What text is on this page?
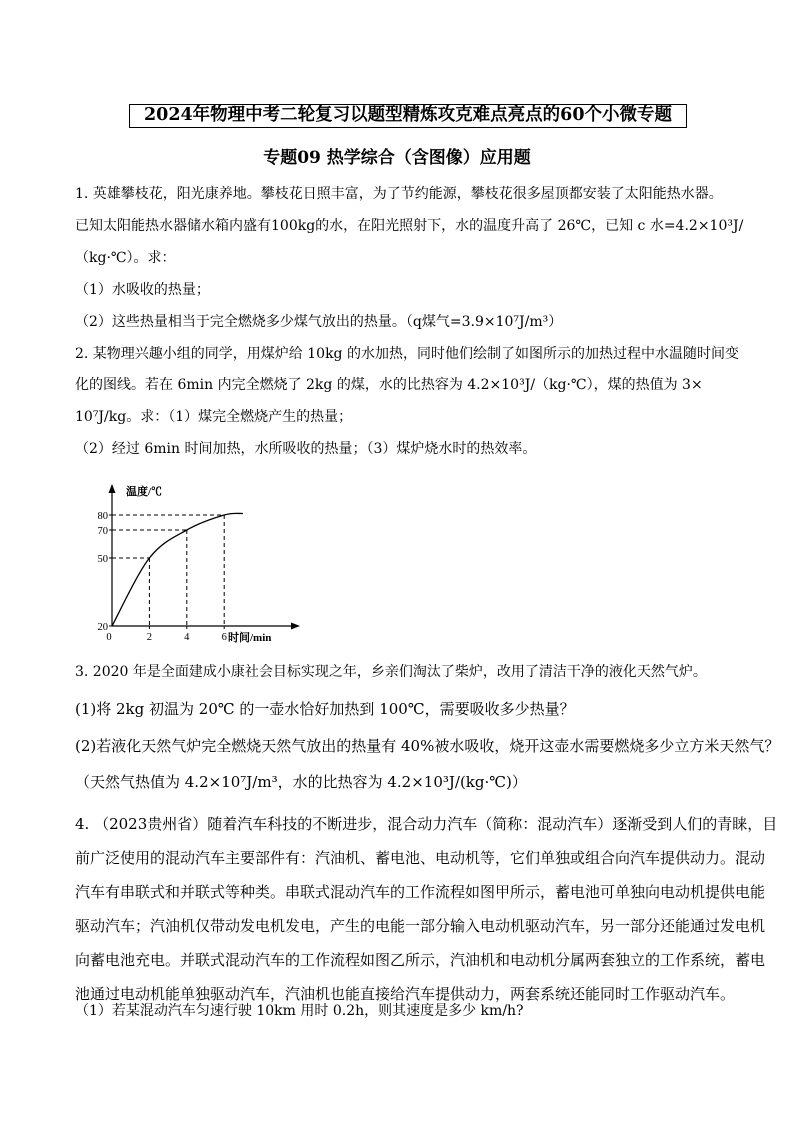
2024年物理中考二轮复习以题型精炼攻克难点亮点的60个小微专题
专题09 热学综合（含图像）应用题
1. 英雄攀枝花，阳光康养地。攀枝花日照丰富，为了节约能源，攀枝花很多屋顶都安装了太阳能热水器。
已知太阳能热水器储水箱内盛有100kg的水，在阳光照射下，水的温度升高了 26℃，已知 c 水=4.2×10³J/
（kg·℃）。求：
（1）水吸收的热量；
（2）这些热量相当于完全燃烧多少煤气放出的热量。（q煤气=3.9×10⁷J/m³）
2. 某物理兴趣小组的同学，用煤炉给 10kg 的水加热，同时他们绘制了如图所示的加热过程中水温随时间变
化的图线。若在 6min 内完全燃烧了 2kg 的煤，水的比热容为 4.2×10³J/（kg·℃），煤的热值为 3×
10⁷J/kg。求：（1）煤完全燃烧产生的热量；
（2）经过 6min 时间加热，水所吸收的热量；（3）煤炉烧水时的热效率。
温度/℃
时间/min
20
50
70
80
0	2	4	6
3. 2020 年是全面建成小康社会目标实现之年，乡亲们淘汰了柴炉，改用了清洁干净的液化天然气炉。
(1)将 2kg 初温为 20℃ 的一壶水恰好加热到 100℃，需要吸收多少热量？
(2)若液化天然气炉完全燃烧天然气放出的热量有 40%被水吸收，烧开这壶水需要燃烧多少立方米天然气？
（天然气热值为 4.2×10⁷J/m³，水的比热容为 4.2×10³J/(kg·℃)）
4. （2023贵州省）随着汽车科技的不断进步，混合动力汽车（简称：混动汽车）逐渐受到人们的青睐，目
前广泛使用的混动汽车主要部件有：汽油机、蓄电池、电动机等，它们单独或组合向汽车提供动力。混动
汽车有串联式和并联式等种类。串联式混动汽车的工作流程如图甲所示，蓄电池可单独向电动机提供电能
驱动汽车；汽油机仅带动发电机发电，产生的电能一部分输入电动机驱动汽车，另一部分还能通过发电机
向蓄电池充电。并联式混动汽车的工作流程如图乙所示，汽油机和电动机分属两套独立的工作系统，蓄电
池通过电动机能单独驱动汽车，汽油机也能直接给汽车提供动力，两套系统还能同时工作驱动汽车。
（1）若某混动汽车匀速行驶 10km 用时 0.2h，则其速度是多少 km/h?
